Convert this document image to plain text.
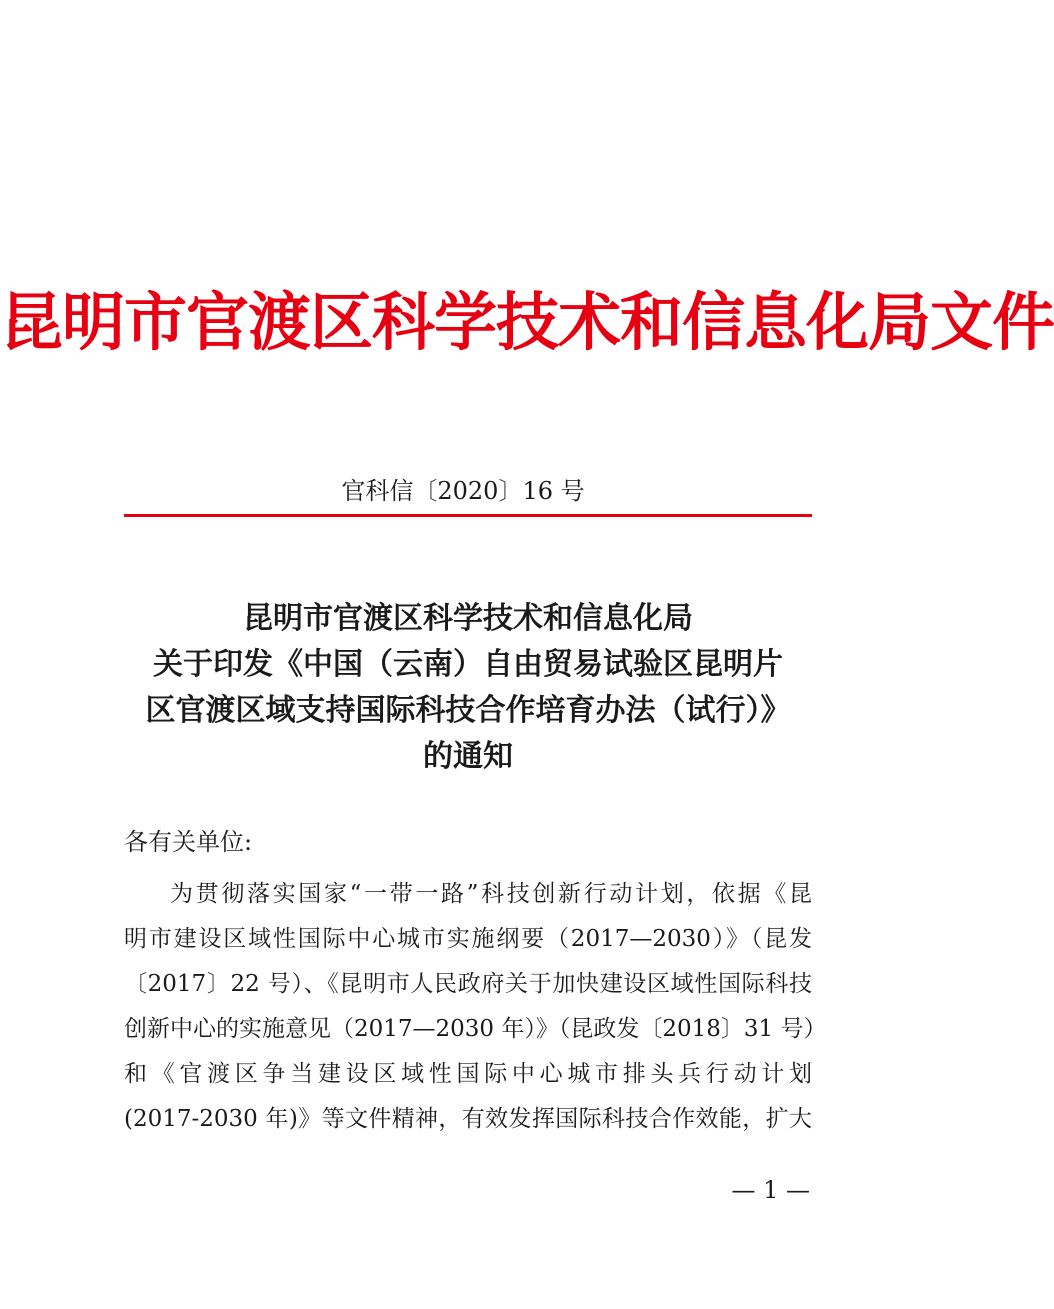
昆明市官渡区科学技术和信息化局文件
官科信〔2020〕16 号
昆明市官渡区科学技术和信息化局
关于印发《中国（云南）自由贸易试验区昆明片
区官渡区域支持国际科技合作培育办法（试行）》
的通知
各有关单位:
为贯彻落实国家“一带一路”科技创新行动计划，依据《昆
明市建设区域性国际中心城市实施纲要（2017—2030）》（昆发
〔2017〕22 号）、《昆明市人民政府关于加快建设区域性国际科技
创新中心的实施意见（2017—2030 年）》（昆政发〔2018〕31 号）
和《官渡区争当建设区域性国际中心城市排头兵行动计划
(2017-2030 年)》等文件精神，有效发挥国际科技合作效能，扩大
— 1 —
